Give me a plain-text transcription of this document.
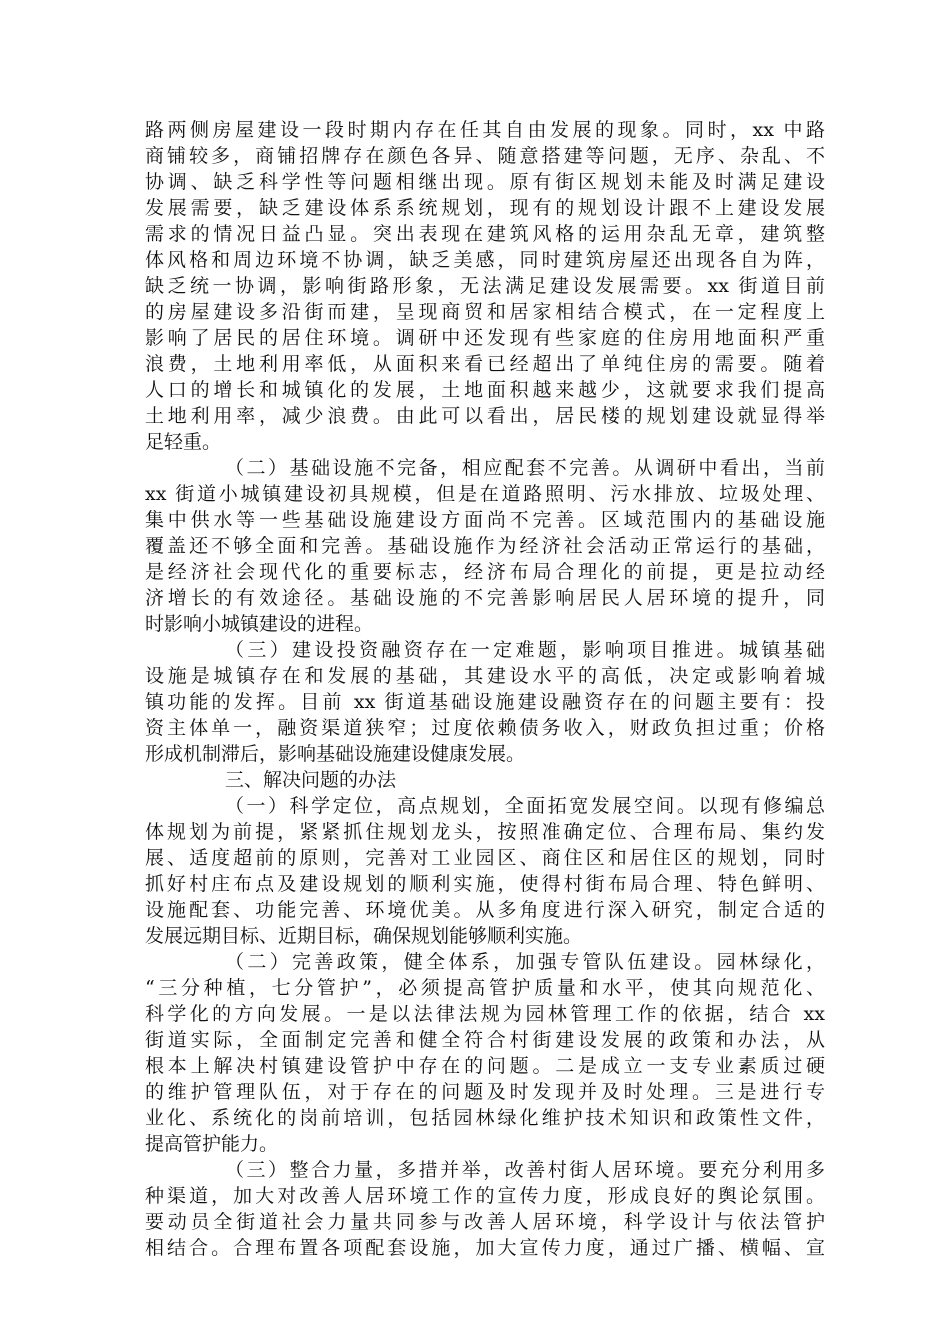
路两侧房屋建设一段时期内存在任其自由发展的现象。同时，xx 中路
商铺较多，商铺招牌存在颜色各异、随意搭建等问题，无序、杂乱、不
协调、缺乏科学性等问题相继出现。原有街区规划未能及时满足建设
发展需要，缺乏建设体系系统规划，现有的规划设计跟不上建设发展
需求的情况日益凸显。突出表现在建筑风格的运用杂乱无章，建筑整
体风格和周边环境不协调，缺乏美感，同时建筑房屋还出现各自为阵，
缺乏统一协调，影响街路形象，无法满足建设发展需要。xx 街道目前
的房屋建设多沿街而建，呈现商贸和居家相结合模式，在一定程度上
影响了居民的居住环境。调研中还发现有些家庭的住房用地面积严重
浪费，土地利用率低，从面积来看已经超出了单纯住房的需要。随着
人口的增长和城镇化的发展，土地面积越来越少，这就要求我们提高
土地利用率，减少浪费。由此可以看出，居民楼的规划建设就显得举
足轻重。
（二）基础设施不完备，相应配套不完善。从调研中看出，当前
xx 街道小城镇建设初具规模，但是在道路照明、污水排放、垃圾处理、
集中供水等一些基础设施建设方面尚不完善。区域范围内的基础设施
覆盖还不够全面和完善。基础设施作为经济社会活动正常运行的基础，
是经济社会现代化的重要标志，经济布局合理化的前提，更是拉动经
济增长的有效途径。基础设施的不完善影响居民人居环境的提升，同
时影响小城镇建设的进程。
（三）建设投资融资存在一定难题，影响项目推进。城镇基础
设施是城镇存在和发展的基础，其建设水平的高低，决定或影响着城
镇功能的发挥。目前 xx 街道基础设施建设融资存在的问题主要有：投
资主体单一，融资渠道狭窄；过度依赖债务收入，财政负担过重；价格
形成机制滞后，影响基础设施建设健康发展。
三、解决问题的办法
（一）科学定位，高点规划，全面拓宽发展空间。以现有修编总
体规划为前提，紧紧抓住规划龙头，按照准确定位、合理布局、集约发
展、适度超前的原则，完善对工业园区、商住区和居住区的规划，同时
抓好村庄布点及建设规划的顺利实施，使得村街布局合理、特色鲜明、
设施配套、功能完善、环境优美。从多角度进行深入研究，制定合适的
发展远期目标、近期目标，确保规划能够顺利实施。
（二）完善政策，健全体系，加强专管队伍建设。园林绿化，
“三分种植，七分管护”，必须提高管护质量和水平，使其向规范化、
科学化的方向发展。一是以法律法规为园林管理工作的依据，结合 xx
街道实际，全面制定完善和健全符合村街建设发展的政策和办法，从
根本上解决村镇建设管护中存在的问题。二是成立一支专业素质过硬
的维护管理队伍，对于存在的问题及时发现并及时处理。三是进行专
业化、系统化的岗前培训，包括园林绿化维护技术知识和政策性文件，
提高管护能力。
（三）整合力量，多措并举，改善村街人居环境。要充分利用多
种渠道，加大对改善人居环境工作的宣传力度，形成良好的舆论氛围。
要动员全街道社会力量共同参与改善人居环境，科学设计与依法管护
相结合。合理布置各项配套设施，加大宣传力度，通过广播、横幅、宣
